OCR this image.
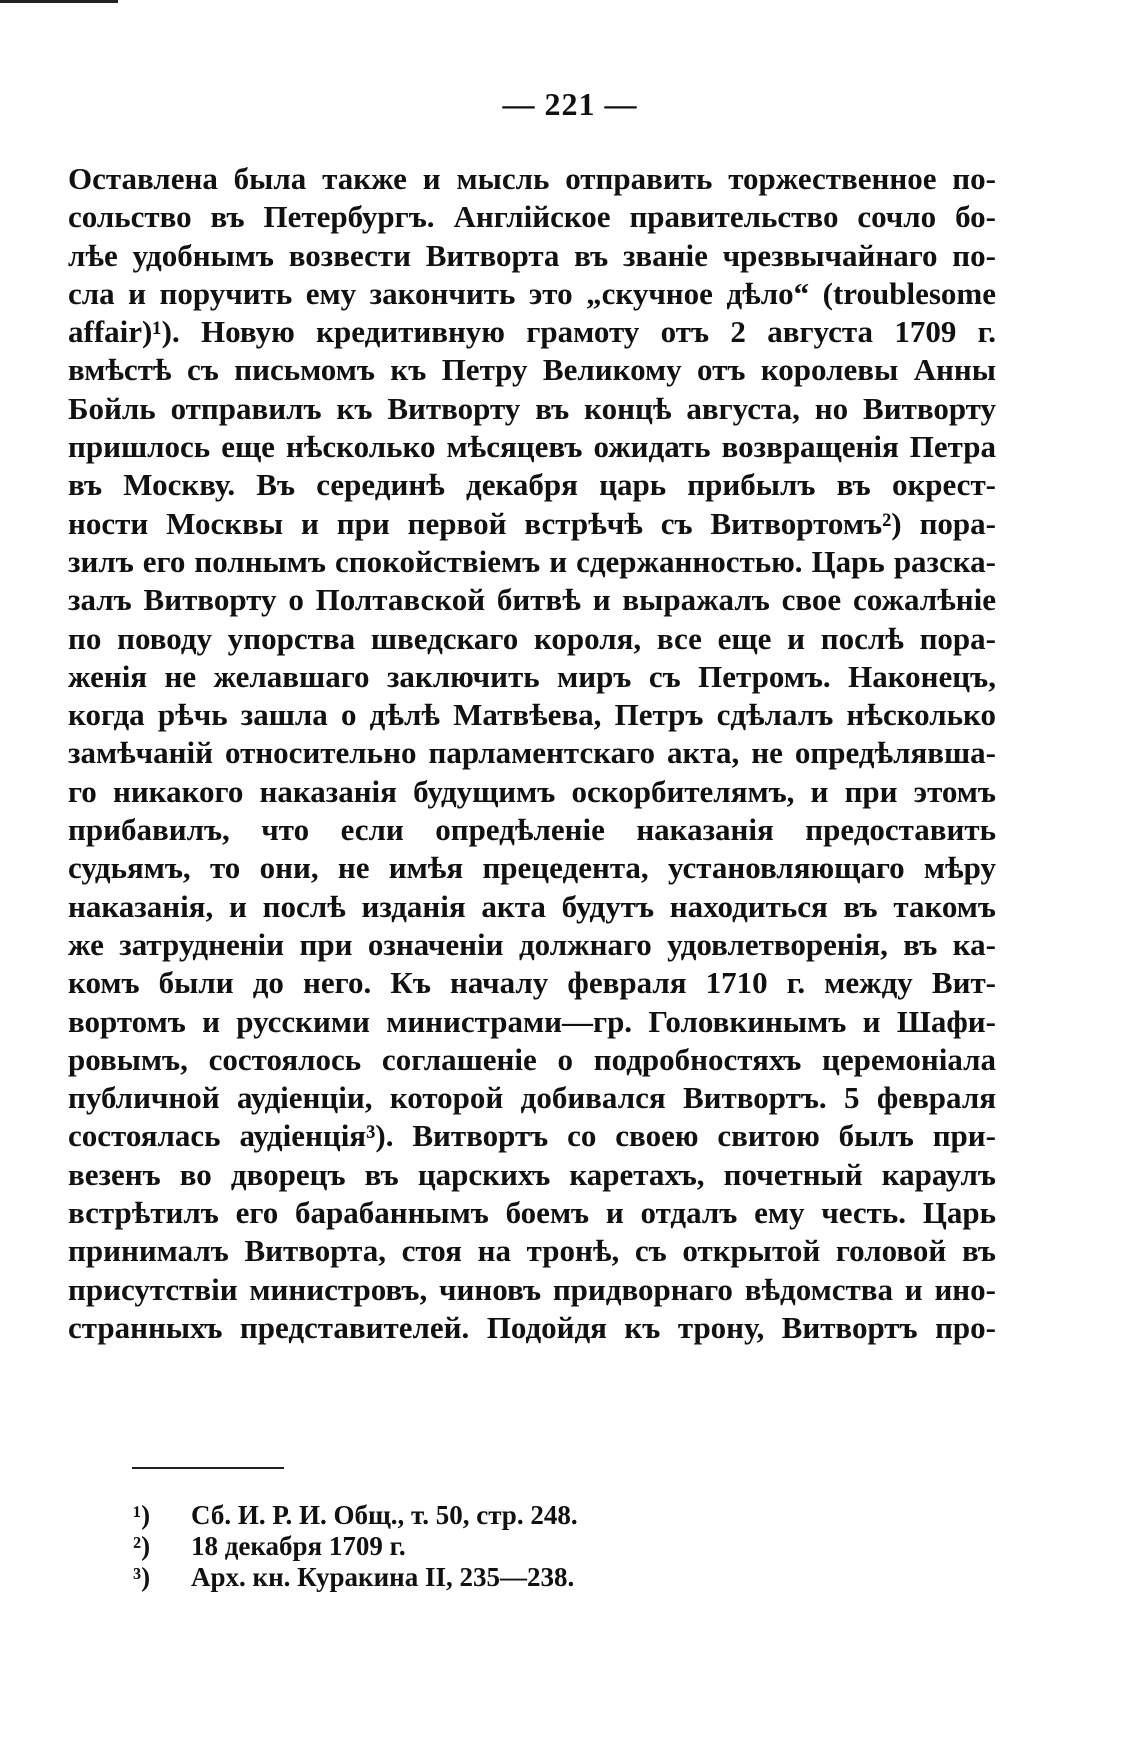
— 221 —
Оставлена была также и мысль отправить торжественное по-
сольство въ Петербургъ. Англійское правительство сочло бо-
лѣе удобнымъ возвести Витворта въ званіе чрезвычайнаго по-
сла и поручить ему закончить это „скучное дѣло“ (troublesome
affair)¹). Новую кредитивную грамоту отъ 2 августа 1709 г.
вмѣстѣ съ письмомъ къ Петру Великому отъ королевы Анны
Бойль отправилъ къ Витворту въ концѣ августа, но Витворту
пришлось еще нѣсколько мѣсяцевъ ожидать возвращенія Петра
въ Москву. Въ серединѣ декабря царь прибылъ въ окрест-
ности Москвы и при первой встрѣчѣ съ Витвортомъ²) пора-
зилъ его полнымъ спокойствіемъ и сдержанностью. Царь разска-
залъ Витворту о Полтавской битвѣ и выражалъ свое сожалѣніе
по поводу упорства шведскаго короля, все еще и послѣ пора-
женія не желавшаго заключить миръ съ Петромъ. Наконецъ,
когда рѣчь зашла о дѣлѣ Матвѣева, Петръ сдѣлалъ нѣсколько
замѣчаній относительно парламентскаго акта, не опредѣлявша-
го никакого наказанія будущимъ оскорбителямъ, и при этомъ
прибавилъ, что если опредѣленіе наказанія предоставить
судьямъ, то они, не имѣя прецедента, установляющаго мѣру
наказанія, и послѣ изданія акта будутъ находиться въ такомъ
же затрудненіи при означеніи должнаго удовлетворенія, въ ка-
комъ были до него. Къ началу февраля 1710 г. между Вит-
вортомъ и русскими министрами—гр. Головкинымъ и Шафи-
ровымъ, состоялось соглашеніе о подробностяхъ церемоніала
публичной аудіенціи, которой добивался Витвортъ. 5 февраля
состоялась аудіенція³). Витвортъ со своею свитою былъ при-
везенъ во дворецъ въ царскихъ каретахъ, почетный караулъ
встрѣтилъ его барабаннымъ боемъ и отдалъ ему честь. Царь
принималъ Витворта, стоя на тронѣ, съ открытой головой въ
присутствіи министровъ, чиновъ придворнаго вѣдомства и ино-
странныхъ представителей. Подойдя къ трону, Витвортъ про-
¹) Сб. И. Р. И. Общ., т. 50, стр. 248.
²) 18 декабря 1709 г.
³) Арх. кн. Куракина II, 235—238.
